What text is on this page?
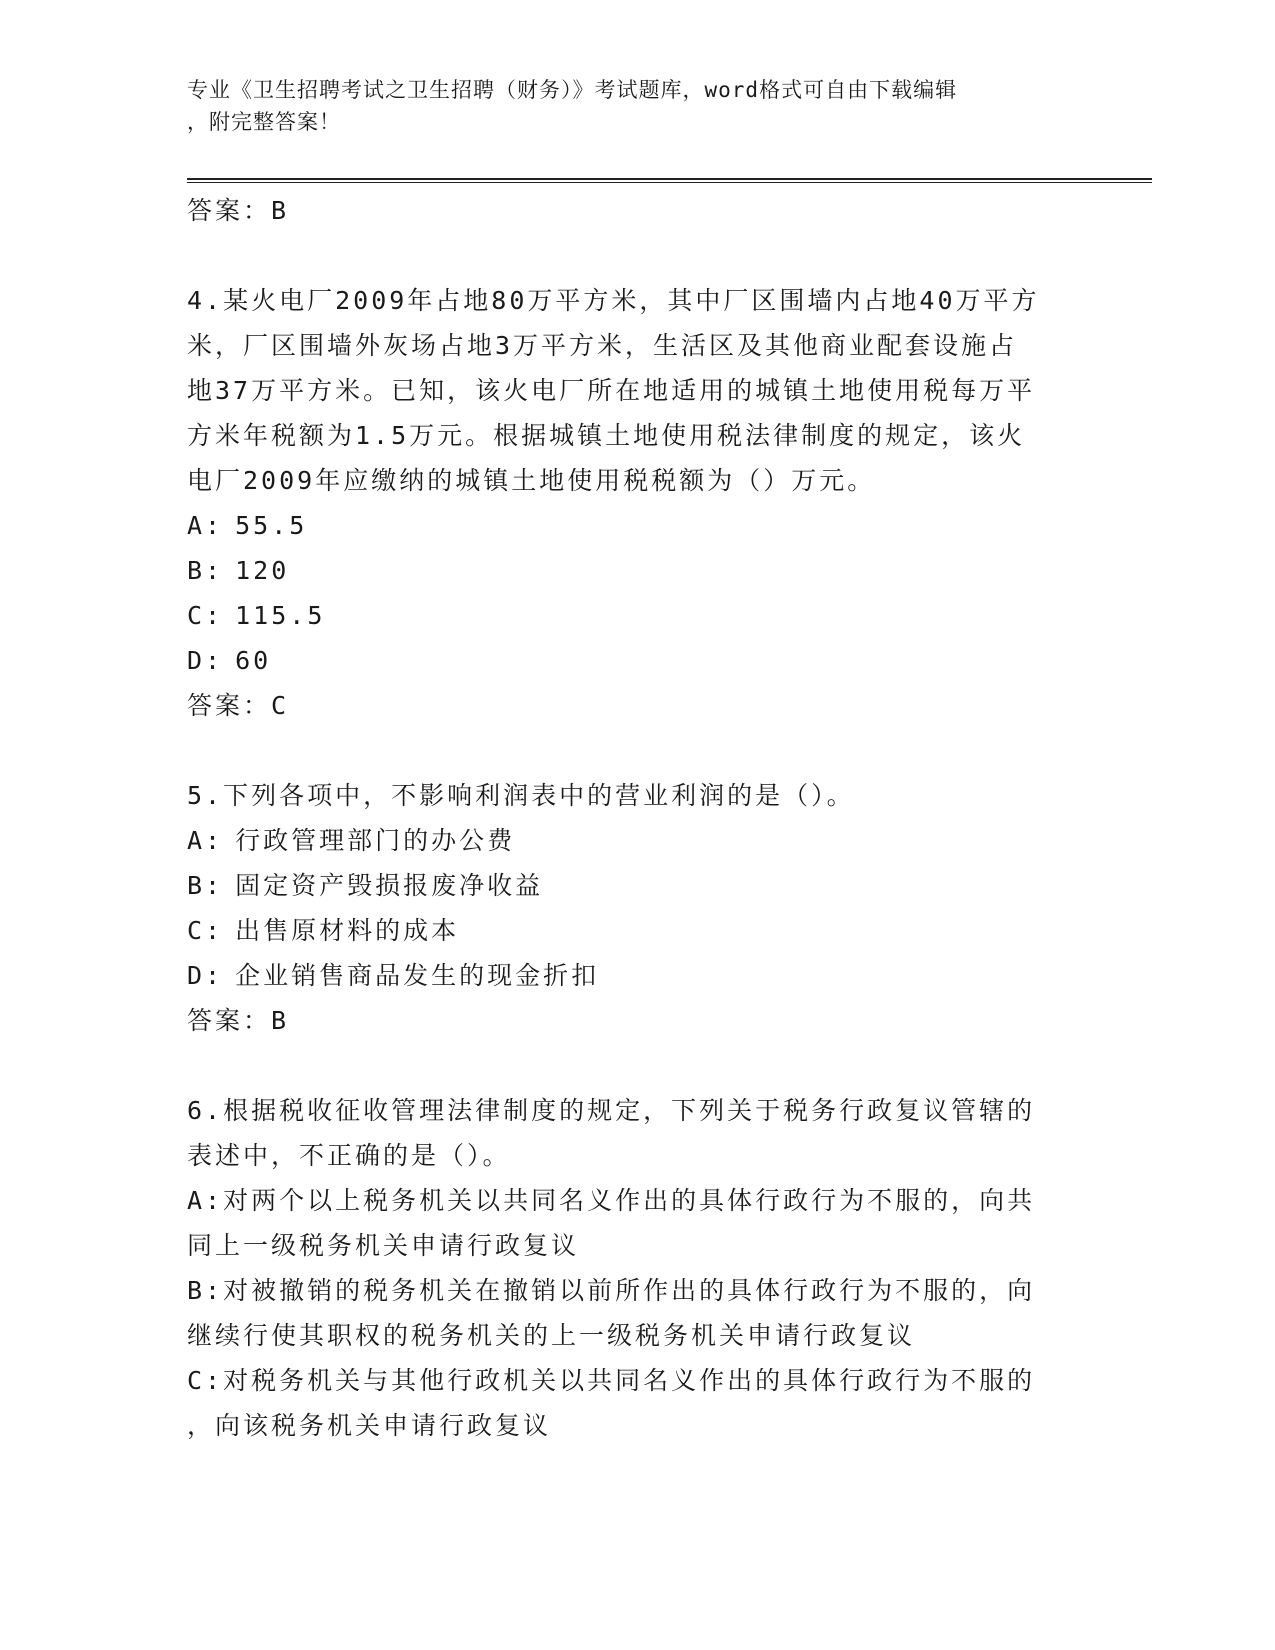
专业《卫生招聘考试之卫生招聘（财务）》考试题库，word格式可自由下载编辑
，附完整答案！
答案：B
4.某火电厂2009年占地80万平方米，其中厂区围墙内占地40万平方
米，厂区围墙外灰场占地3万平方米，生活区及其他商业配套设施占
地37万平方米。已知，该火电厂所在地适用的城镇土地使用税每万平
方米年税额为1.5万元。根据城镇土地使用税法律制度的规定，该火
电厂2009年应缴纳的城镇土地使用税税额为（）万元。
A: 55.5
B: 120
C: 115.5
D: 60
答案：C
5.下列各项中，不影响利润表中的营业利润的是（）。
A: 行政管理部门的办公费
B: 固定资产毁损报废净收益
C: 出售原材料的成本
D: 企业销售商品发生的现金折扣
答案：B
6.根据税收征收管理法律制度的规定，下列关于税务行政复议管辖的
表述中，不正确的是（）。
A:对两个以上税务机关以共同名义作出的具体行政行为不服的，向共
同上一级税务机关申请行政复议
B:对被撤销的税务机关在撤销以前所作出的具体行政行为不服的，向
继续行使其职权的税务机关的上一级税务机关申请行政复议
C:对税务机关与其他行政机关以共同名义作出的具体行政行为不服的
，向该税务机关申请行政复议
